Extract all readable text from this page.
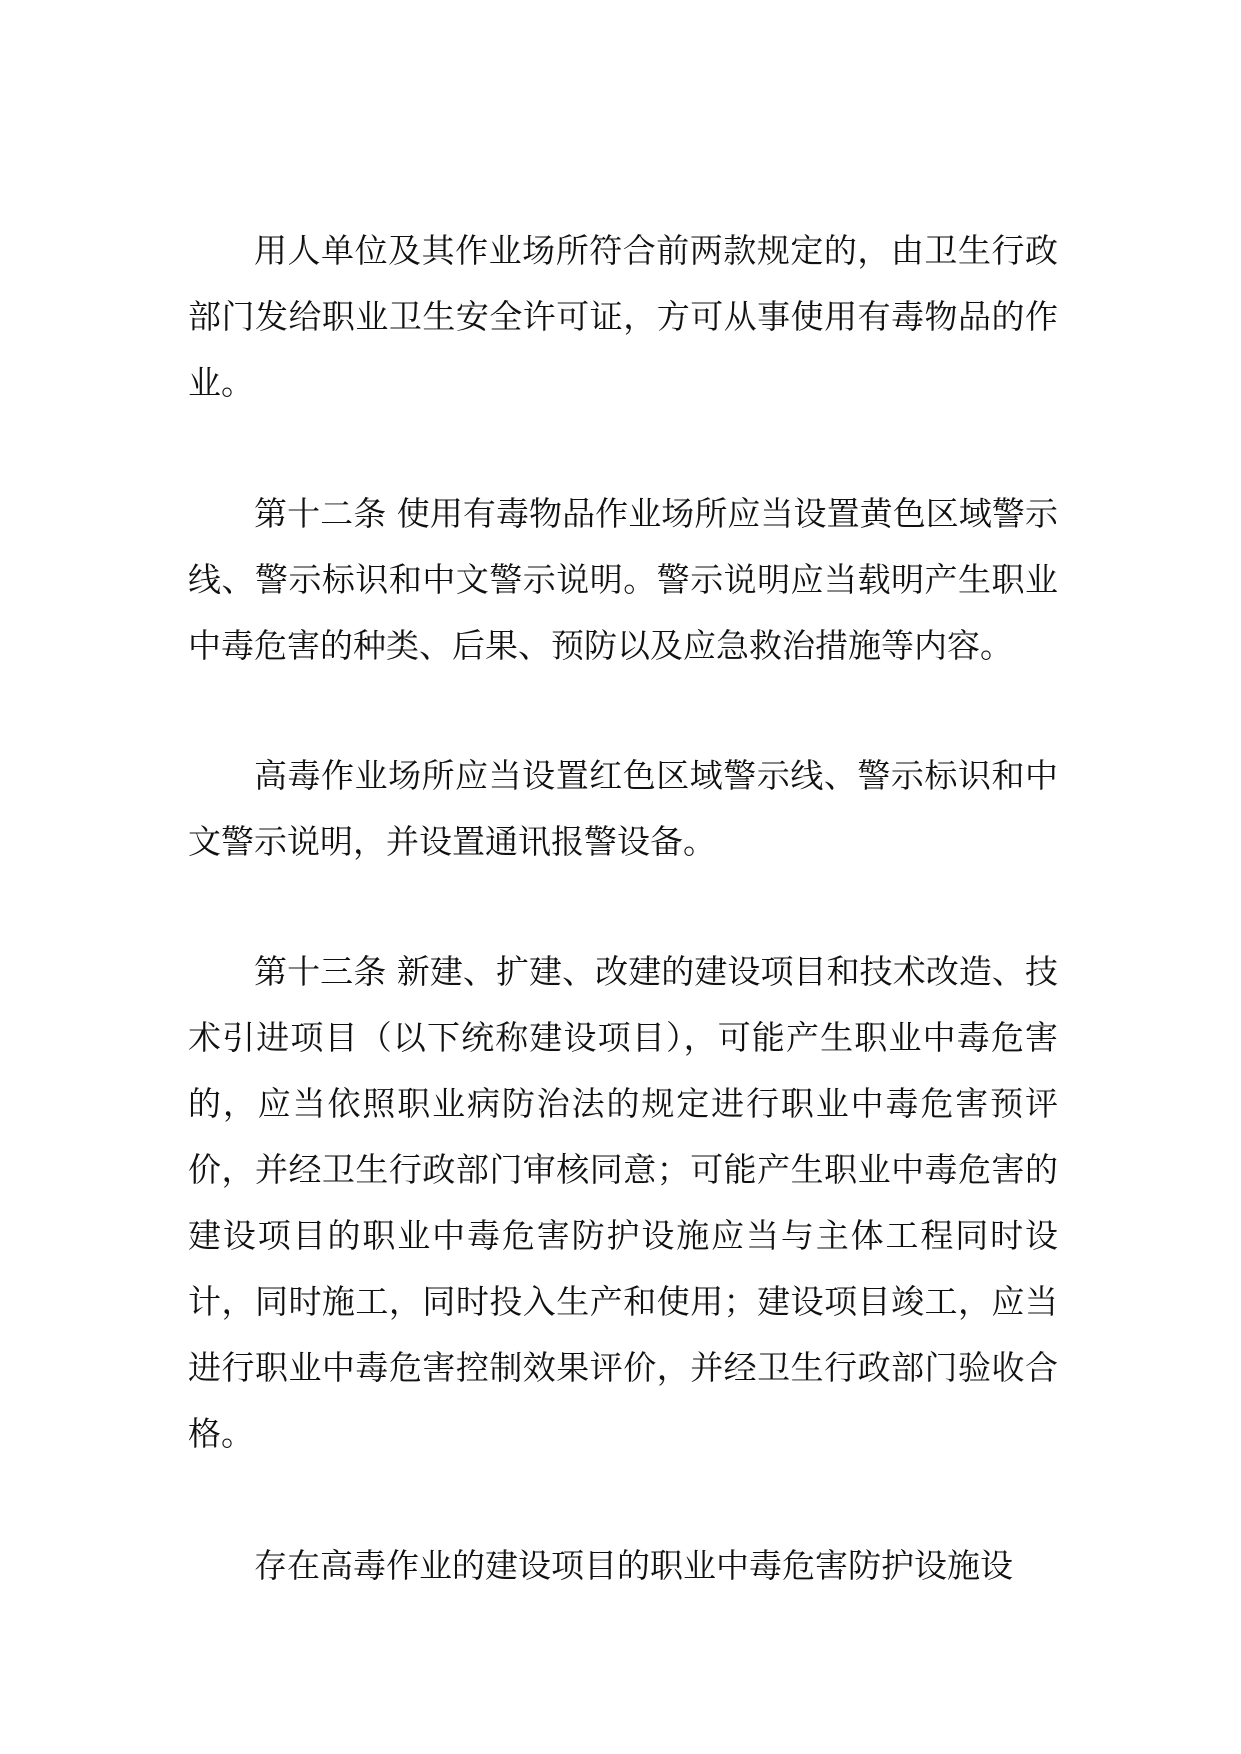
用人单位及其作业场所符合前两款规定的，由卫生行政部门发给职业卫生安全许可证，方可从事使用有毒物品的作业。

第十二条 使用有毒物品作业场所应当设置黄色区域警示线、警示标识和中文警示说明。警示说明应当载明产生职业中毒危害的种类、后果、预防以及应急救治措施等内容。

高毒作业场所应当设置红色区域警示线、警示标识和中文警示说明，并设置通讯报警设备。

第十三条 新建、扩建、改建的建设项目和技术改造、技术引进项目（以下统称建设项目），可能产生职业中毒危害的，应当依照职业病防治法的规定进行职业中毒危害预评价，并经卫生行政部门审核同意；可能产生职业中毒危害的建设项目的职业中毒危害防护设施应当与主体工程同时设计，同时施工，同时投入生产和使用；建设项目竣工，应当进行职业中毒危害控制效果评价，并经卫生行政部门验收合格。

存在高毒作业的建设项目的职业中毒危害防护设施设
